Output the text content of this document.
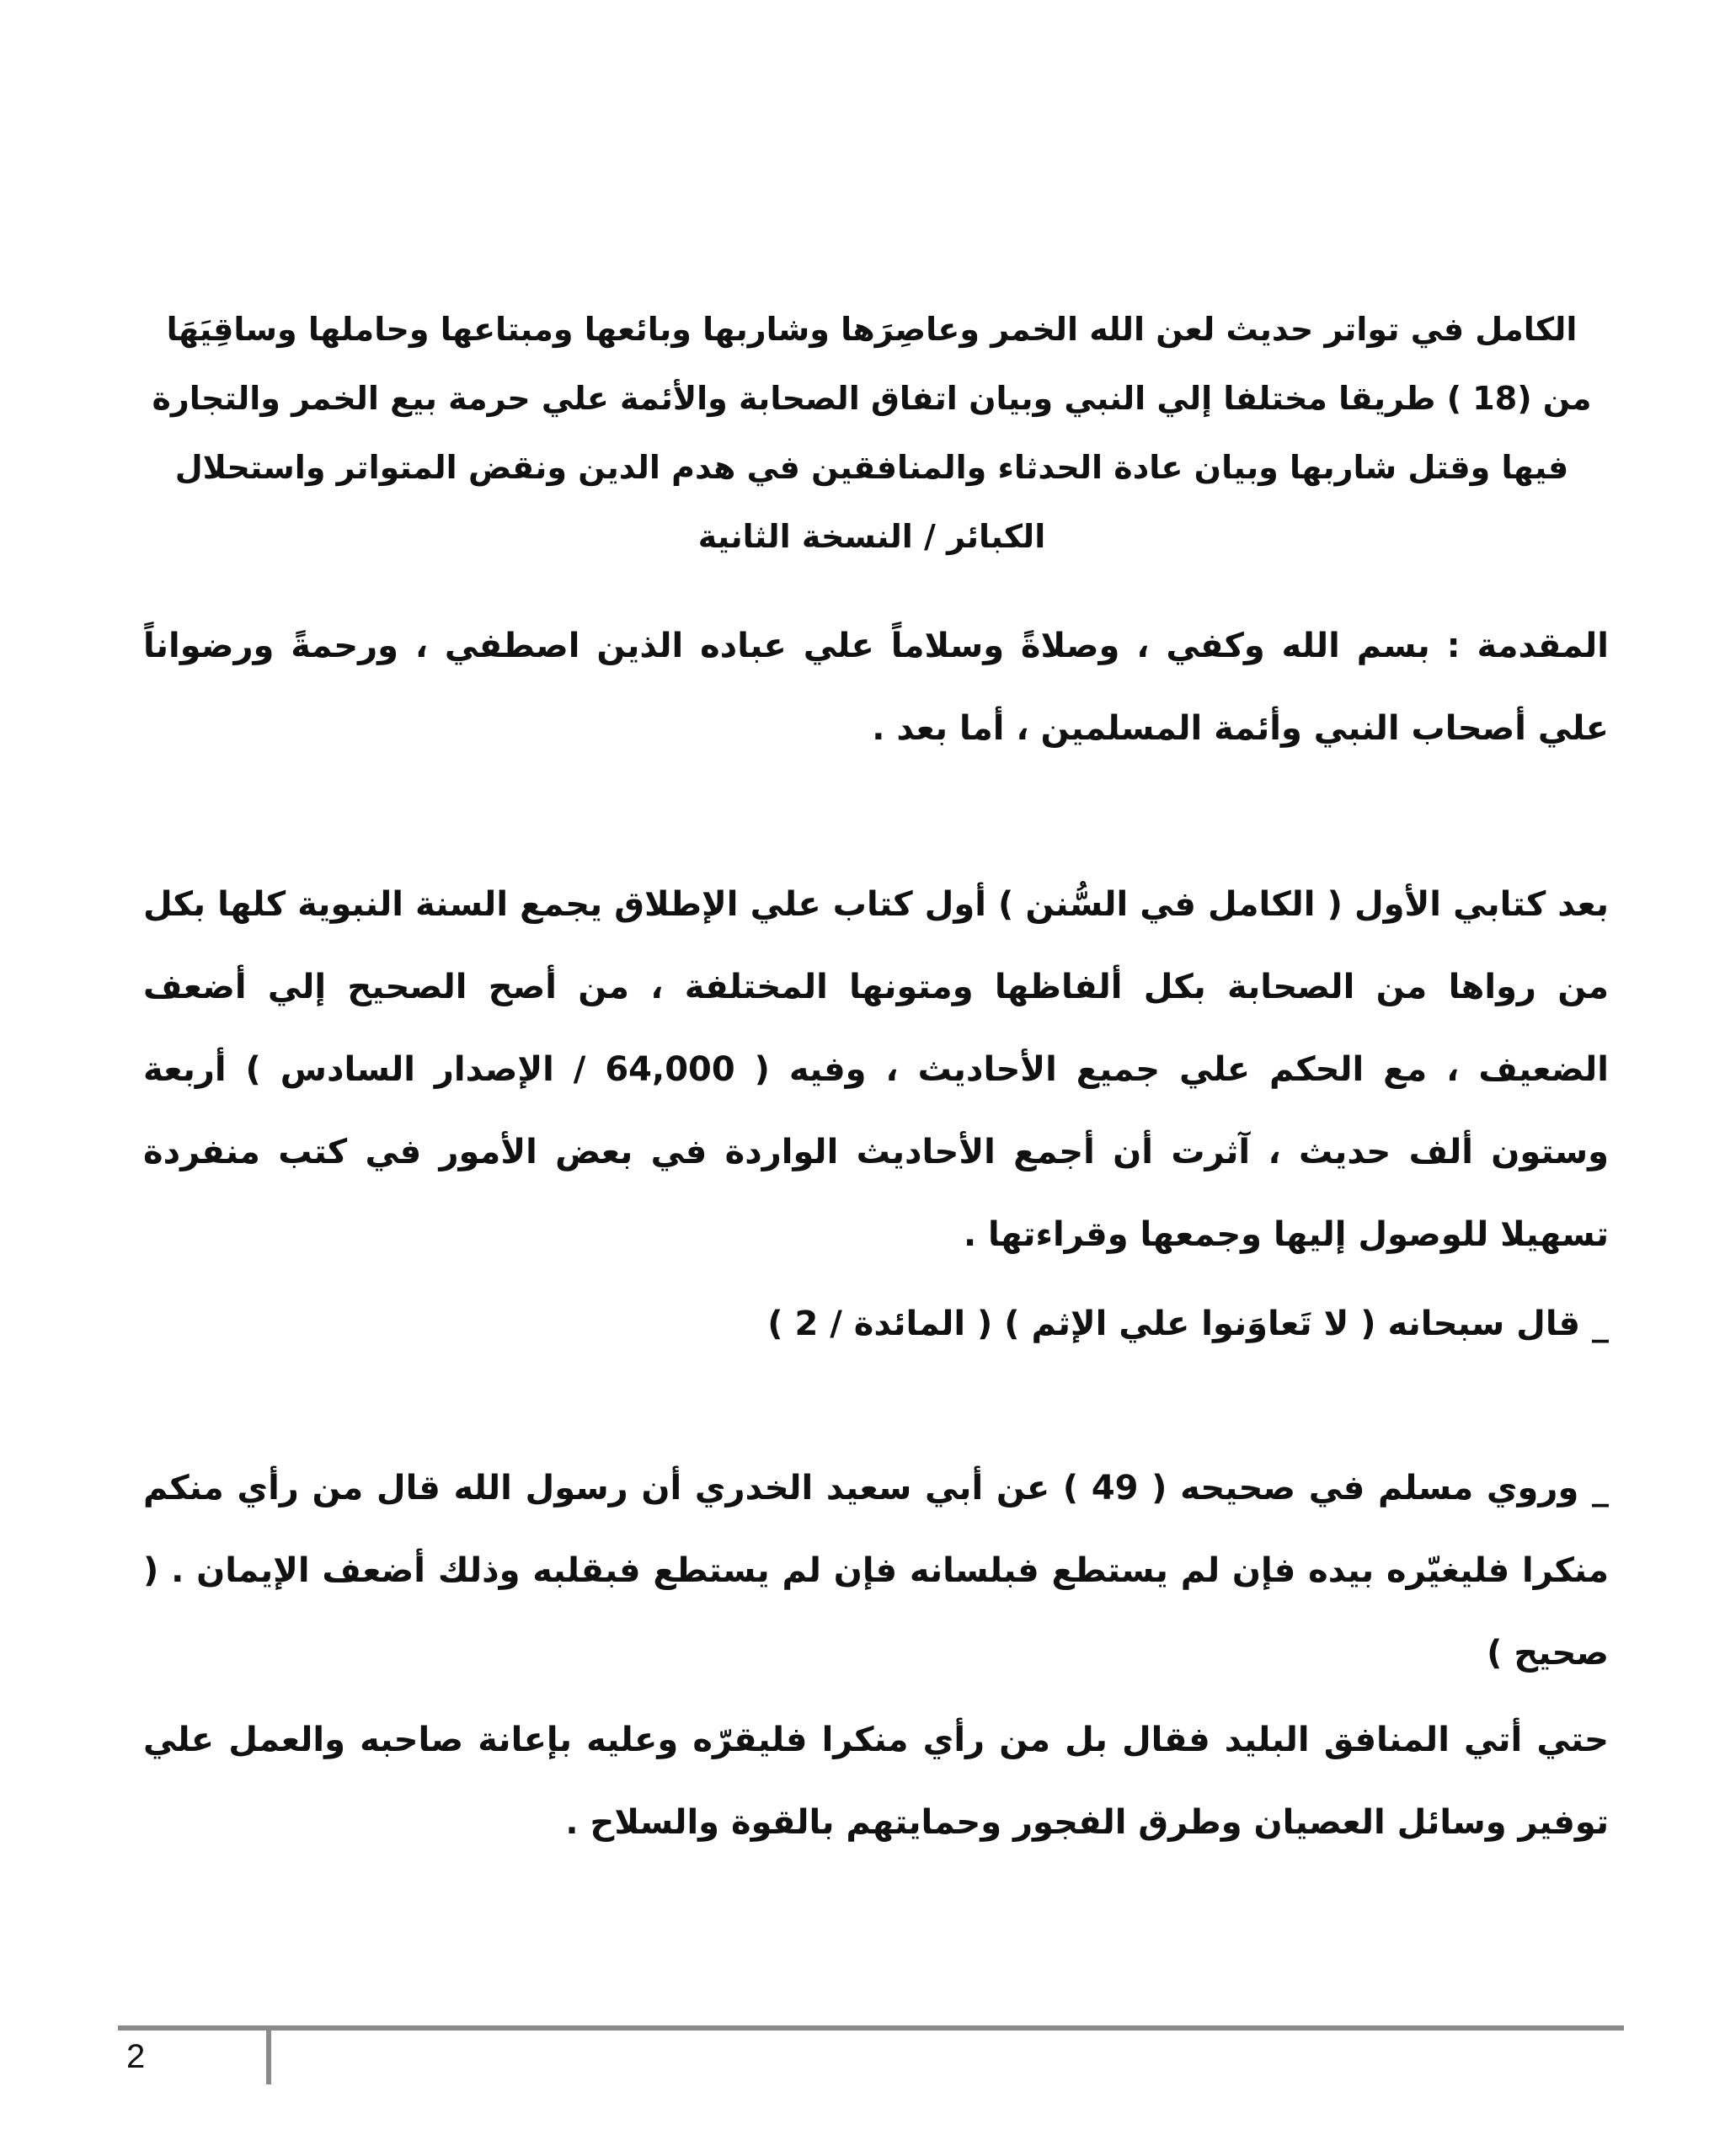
الكامل في تواتر حديث لعن الله الخمر وعاصِرَها وشاربها وبائعها ومبتاعها وحاملها وساقِيَهَا من (18 ) طريقا مختلفا إلي النبي وبيان اتفاق الصحابة والأئمة علي حرمة بيع الخمر والتجارة فيها وقتل شاربها وبيان عادة الحدثاء والمنافقين في هدم الدين ونقض المتواتر واستحلال الكبائر / النسخة الثانية
المقدمة : بسم الله وكفي ، وصلاةً وسلاماً علي عباده الذين اصطفي ، ورحمةً ورضواناً علي أصحاب النبي وأئمة المسلمين ، أما بعد .
بعد كتابي الأول ( الكامل في السُّنن ) أول كتاب علي الإطلاق يجمع السنة النبوية كلها بكل من رواها من الصحابة بكل ألفاظها ومتونها المختلفة ، من أصح الصحيح إلي أضعف الضعيف ، مع الحكم علي جميع الأحاديث ، وفيه ( 64,000 / الإصدار السادس ) أربعة وستون ألف حديث ، آثرت أن أجمع الأحاديث الواردة في بعض الأمور في كتب منفردة تسهيلا للوصول إليها وجمعها وقراءتها .
_ قال سبحانه ( لا تَعاوَنوا علي الإثم ) ( المائدة / 2 )
_ وروي مسلم في صحيحه ( 49 ) عن أبي سعيد الخدري أن رسول الله قال من رأي منكم منكرا فليغيّره بيده فإن لم يستطع فبلسانه فإن لم يستطع فبقلبه وذلك أضعف الإيمان . ( صحيح )
حتي أتي المنافق البليد فقال بل من رأي منكرا فليقرّه وعليه بإعانة صاحبه والعمل علي توفير وسائل العصيان وطرق الفجور وحمايتهم بالقوة والسلاح .
2
